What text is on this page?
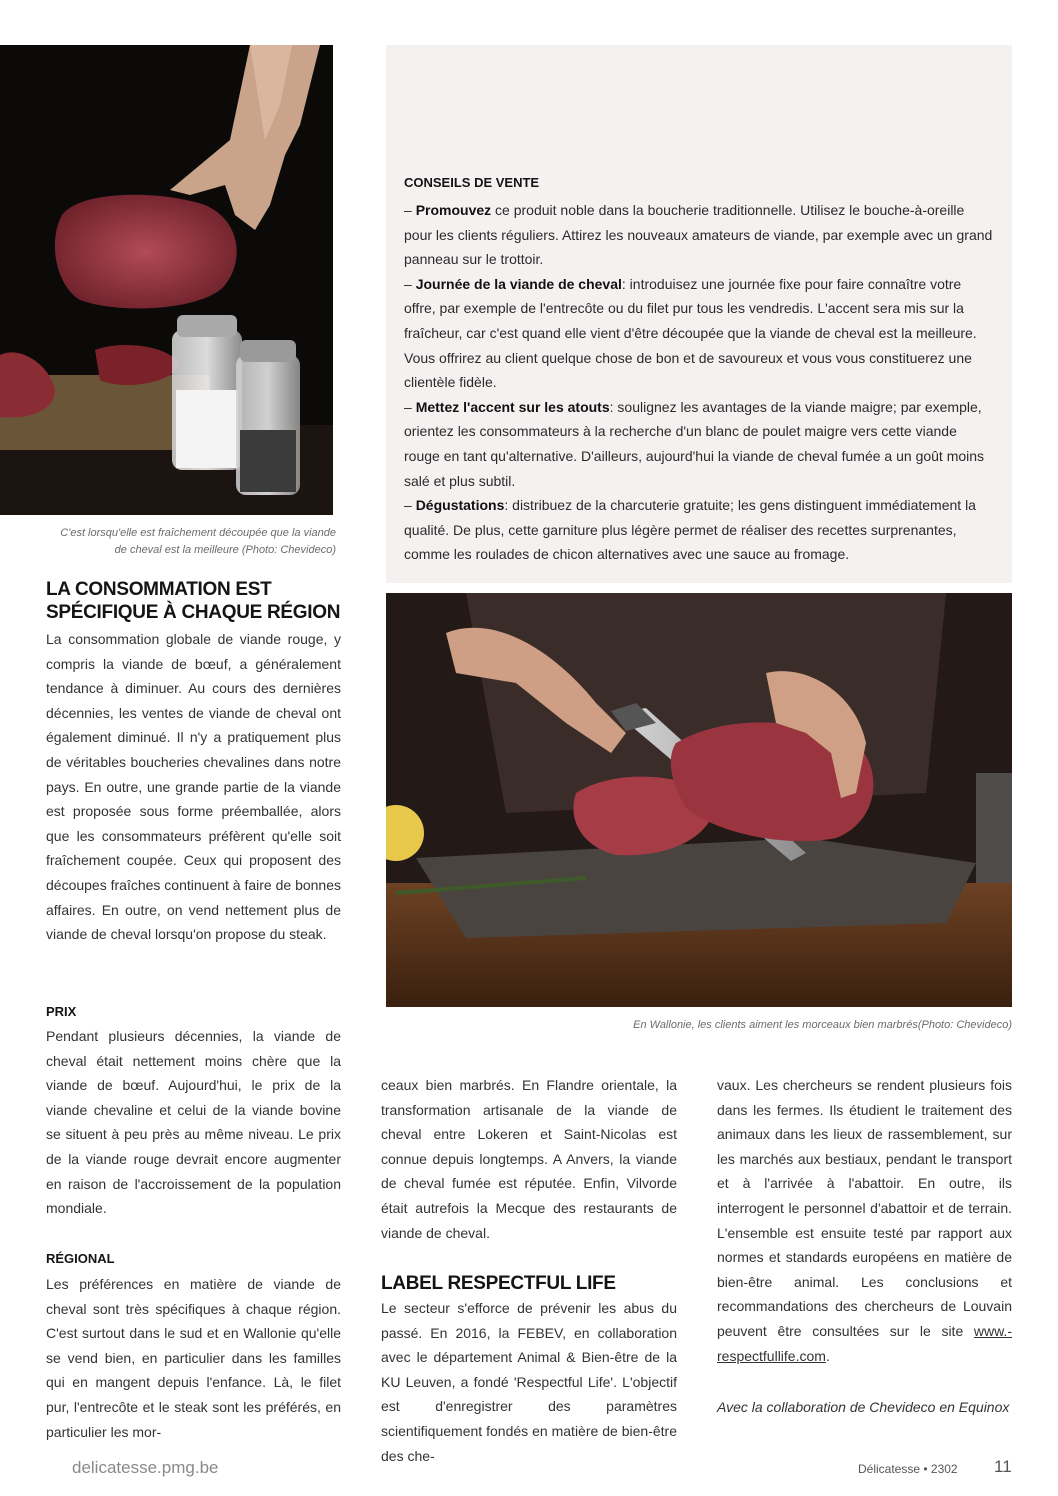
C'est lorsqu'elle est fraîchement découpée que la viande de cheval est la meilleure (Photo: Chevideco)
CONSEILS DE VENTE

– Promouvez ce produit noble dans la boucherie traditionnelle. Utilisez le bouche-à-oreille pour les clients réguliers. Attirez les nouveaux amateurs de viande, par exemple avec un grand panneau sur le trottoir.
– Journée de la viande de cheval: introduisez une journée fixe pour faire connaître votre offre, par exemple de l'entrecôte ou du filet pur tous les vendredis. L'accent sera mis sur la fraîcheur, car c'est quand elle vient d'être découpée que la viande de cheval est la meilleure. Vous offrirez au client quelque chose de bon et de savoureux et vous vous constituerez une clientèle fidèle.
– Mettez l'accent sur les atouts: soulignez les avantages de la viande maigre; par exemple, orientez les consommateurs à la recherche d'un blanc de poulet maigre vers cette viande rouge en tant qu'alternative. D'ailleurs, aujourd'hui la viande de cheval fumée a un goût moins salé et plus subtil.
– Dégustations: distribuez de la charcuterie gratuite; les gens distinguent immédiatement la qualité. De plus, cette garniture plus légère permet de réaliser des recettes surprenantes, comme les roulades de chicon alternatives avec une sauce au fromage.

En Wallonie, les clients aiment les morceaux bien marbrés(Photo: Chevideco)
LA CONSOMMATION EST SPÉCIFIQUE À CHAQUE RÉGION

La consommation globale de viande rouge, y compris la viande de bœuf, a généralement tendance à diminuer. Au cours des dernières décennies, les ventes de viande de cheval ont également diminué. Il n'y a pratiquement plus de véritables boucheries chevalines dans notre pays. En outre, une grande partie de la viande est proposée sous forme préemballée, alors que les consommateurs préfèrent qu'elle soit fraîchement coupée. Ceux qui proposent des découpes fraîches continuent à faire de bonnes affaires. En outre, on vend nettement plus de viande de cheval lorsqu'on propose du steak.

PRIX

Pendant plusieurs décennies, la viande de cheval était nettement moins chère que la viande de bœuf. Aujourd'hui, le prix de la viande chevaline et celui de la viande bovine se situent à peu près au même niveau. Le prix de la viande rouge devrait encore augmenter en raison de l'accroissement de la population mondiale.

RÉGIONAL

Les préférences en matière de viande de cheval sont très spécifiques à chaque région. C'est surtout dans le sud et en Wallonie qu'elle se vend bien, en particulier dans les familles qui en mangent depuis l'enfance. Là, le filet pur, l'entrecôte et le steak sont les préférés, en particulier les mor-

ceaux bien marbrés. En Flandre orientale, la transformation artisanale de la viande de cheval entre Lokeren et Saint-Nicolas est connue depuis longtemps. A Anvers, la viande de cheval fumée est réputée. Enfin, Vilvorde était autrefois la Mecque des restaurants de viande de cheval.

LABEL RESPECTFUL LIFE

Le secteur s'efforce de prévenir les abus du passé. En 2016, la FEBEV, en collaboration avec le département Animal & Bien-être de la KU Leuven, a fondé 'Respectful Life'. L'objectif est d'enregistrer des paramètres scientifiquement fondés en matière de bien-être des che-

vaux. Les chercheurs se rendent plusieurs fois dans les fermes. Ils étudient le traitement des animaux dans les lieux de rassemblement, sur les marchés aux bestiaux, pendant le transport et à l'arrivée à l'abattoir. En outre, ils interrogent le personnel d'abattoir et de terrain. L'ensemble est ensuite testé par rapport aux normes et standards européens en matière de bien-être animal. Les conclusions et recommandations des chercheurs de Louvain peuvent être consultées sur le site www.-respectfullife.com.

Avec la collaboration de Chevideco en Equinox

delicatesse.pmg.be	Délicatesse • 2302 11
